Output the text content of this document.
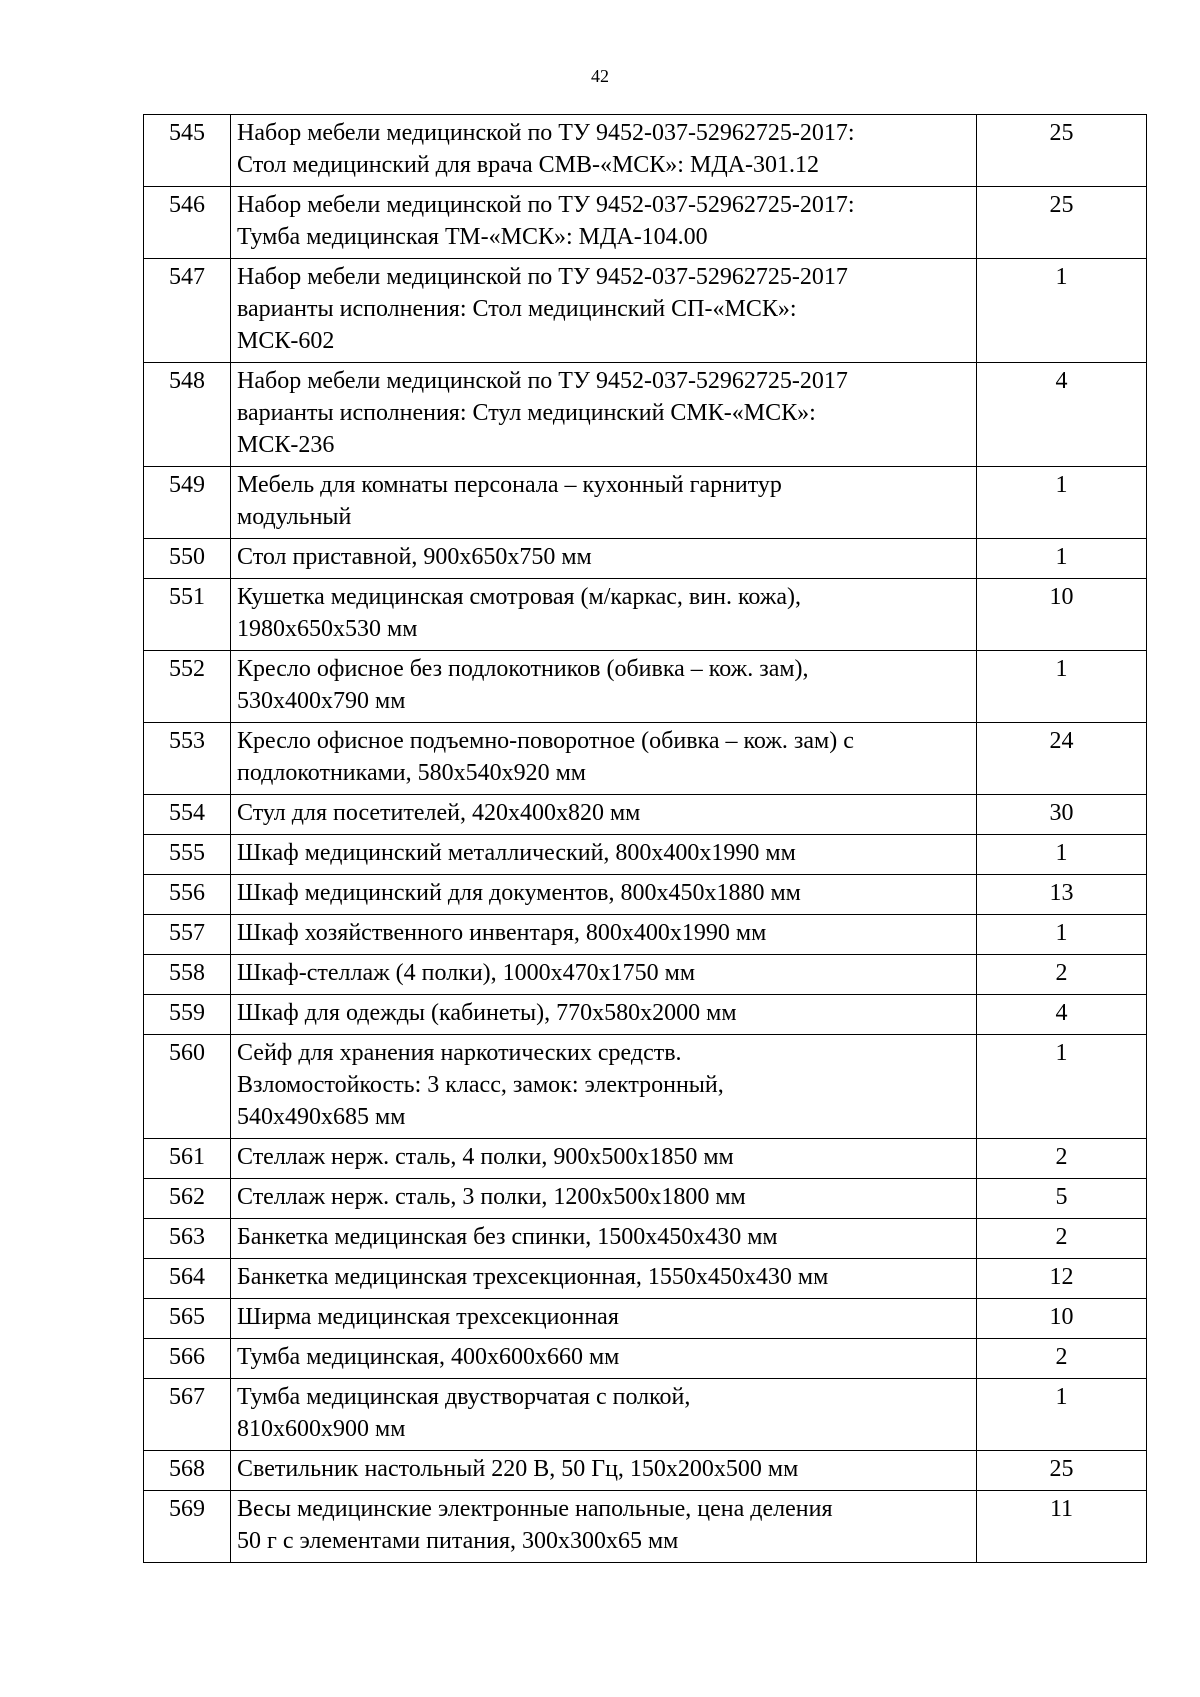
42
545	Набор мебели медицинской по ТУ 9452-037-52962725-2017:
Стол медицинский для врача СМВ-«МСК»: МДА-301.12	25
546	Набор мебели медицинской по ТУ 9452-037-52962725-2017:
Тумба медицинская ТМ-«МСК»: МДА-104.00	25
547	Набор мебели медицинской по ТУ 9452-037-52962725-2017
варианты исполнения: Стол медицинский СП-«МСК»:
МСК-602	1
548	Набор мебели медицинской по ТУ 9452-037-52962725-2017
варианты исполнения: Стул медицинский СМК-«МСК»:
МСК-236	4
549	Мебель для комнаты персонала – кухонный гарнитур
модульный	1
550	Стол приставной, 900х650х750 мм	1
551	Кушетка медицинская смотровая (м/каркас, вин. кожа),
1980х650х530 мм	10
552	Кресло офисное без подлокотников (обивка – кож. зам),
530х400х790 мм	1
553	Кресло офисное подъемно-поворотное (обивка – кож. зам) с
подлокотниками, 580х540х920 мм	24
554	Стул для посетителей, 420х400х820 мм	30
555	Шкаф медицинский металлический, 800х400х1990 мм	1
556	Шкаф медицинский для документов, 800х450х1880 мм	13
557	Шкаф хозяйственного инвентаря, 800х400х1990 мм	1
558	Шкаф-стеллаж (4 полки), 1000х470х1750 мм	2
559	Шкаф для одежды (кабинеты), 770х580х2000 мм	4
560	Сейф для хранения наркотических средств.
Взломостойкость: 3 класс, замок: электронный,
540х490х685 мм	1
561	Стеллаж нерж. сталь, 4 полки, 900х500х1850 мм	2
562	Стеллаж нерж. сталь, 3 полки, 1200х500х1800 мм	5
563	Банкетка медицинская без спинки, 1500х450х430 мм	2
564	Банкетка медицинская трехсекционная, 1550х450х430 мм	12
565	Ширма медицинская трехсекционная	10
566	Тумба медицинская, 400х600х660 мм	2
567	Тумба медицинская двустворчатая с полкой,
810х600х900 мм	1
568	Светильник настольный 220 В, 50 Гц, 150х200х500 мм	25
569	Весы медицинские электронные напольные, цена деления
50 г с элементами питания, 300х300х65 мм	11
